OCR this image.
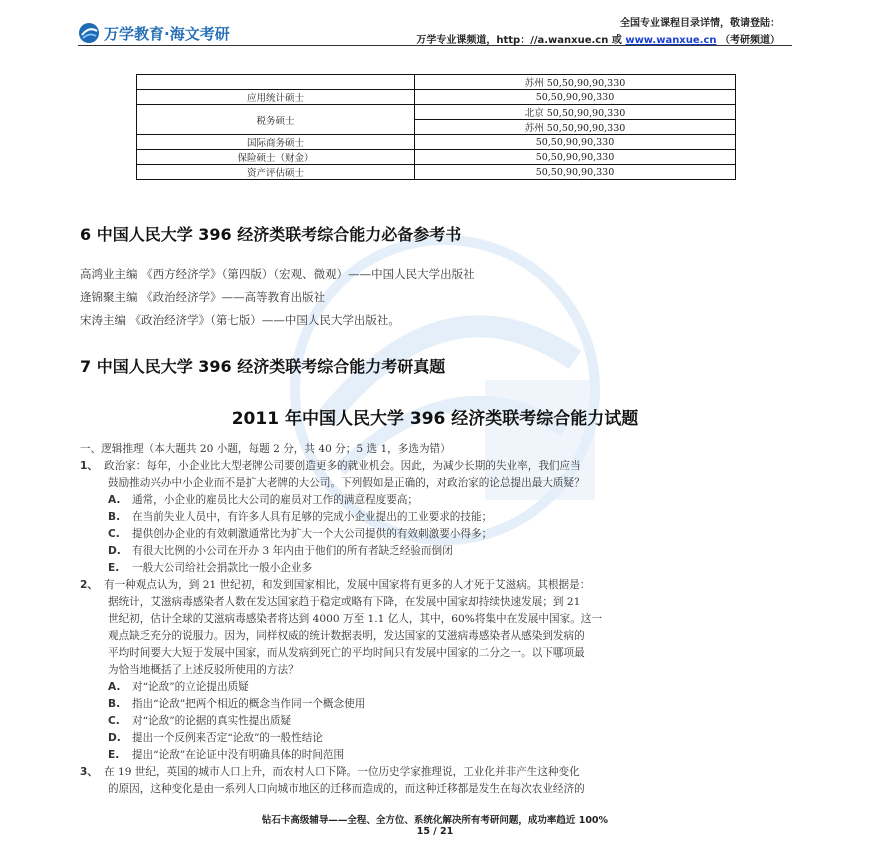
万学教育·海文考研
全国专业课程目录详情，敬请登陆：
万学专业课频道，http：//a.wanxue.cn 或 www.wanxue.cn （考研频道）
	苏州 50,50,90,90,330
应用统计硕士	50,50,90,90,330
税务硕士	北京 50,50,90,90,330
	苏州 50,50,90,90,330
国际商务硕士	50,50,90,90,330
保险硕士（财金）	50,50,90,90,330
资产评估硕士	50,50,90,90,330
6 中国人民大学 396 经济类联考综合能力必备参考书
高鸿业主编 《西方经济学》（第四版）（宏观、微观）——中国人民大学出版社
逄锦聚主编 《政治经济学》——高等教育出版社
宋涛主编 《政治经济学》（第七版）——中国人民大学出版社。
7 中国人民大学 396 经济类联考综合能力考研真题
2011 年中国人民大学 396 经济类联考综合能力试题
一、逻辑推理（本大题共 20 小题，每题 2 分，共 40 分；5 选 1，多选为错）
1、 政治家：每年，小企业比大型老牌公司要创造更多的就业机会。因此，为减少长期的失业率，我们应当
鼓励推动兴办中小企业而不是扩大老牌的大公司。下列假如是正确的，对政治家的论总提出最大质疑？
A. 通常，小企业的雇员比大公司的雇员对工作的满意程度要高；
B. 在当前失业人员中，有许多人具有足够的完成小企业提出的工业要求的技能；
C. 提供创办企业的有效刺激通常比为扩大一个大公司提供的有效刺激要小得多；
D. 有很大比例的小公司在开办 3 年内由于他们的所有者缺乏经验而倒闭
E. 一般大公司给社会捐款比一般小企业多
2、 有一种观点认为，到 21 世纪初，和发到国家相比，发展中国家将有更多的人才死于艾滋病。其根据是：
据统计，艾滋病毒感染者人数在发达国家趋于稳定或略有下降，在发展中国家却持续快速发展；到 21
世纪初，估计全球的艾滋病毒感染者将达到 4000 万至 1.1 亿人，其中，60%将集中在发展中国家。这一
观点缺乏充分的说服力。因为，同样权威的统计数据表明，发达国家的艾滋病毒感染者从感染到发病的
平均时间要大大短于发展中国家，而从发病到死亡的平均时间只有发展中国家的二分之一。以下哪项最
为恰当地概括了上述反驳所使用的方法？
A. 对“论敌”的立论提出质疑
B. 指出“论敌”把两个相近的概念当作同一个概念使用
C. 对“论敌”的论据的真实性提出质疑
D. 提出一个反例来否定“论敌”的一般性结论
E. 提出“论敌”在论证中没有明确具体的时间范围
3、 在 19 世纪，英国的城市人口上升，而农村人口下降。一位历史学家推理说，工业化并非产生这种变化
的原因，这种变化是由一系列人口向城市地区的迁移而造成的，而这种迁移都是发生在每次农业经济的
钻石卡高级辅导——全程、全方位、系统化解决所有考研问题，成功率趋近 100%
15 / 21
